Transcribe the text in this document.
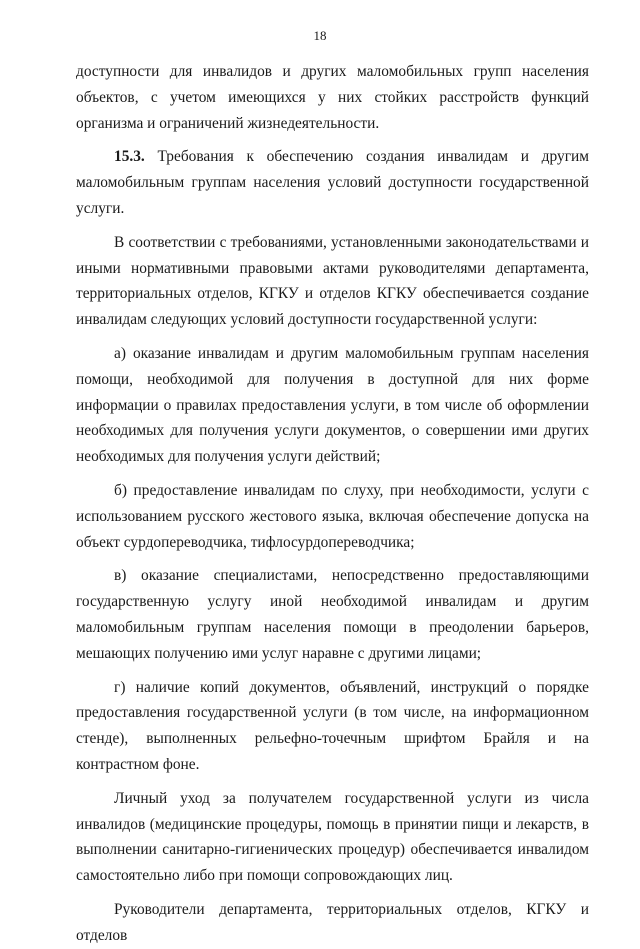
18

доступности для инвалидов и других маломобильных групп населения объектов, с учетом имеющихся у них стойких расстройств функций организма и ограничений жизнедеятельности.

15.3. Требования к обеспечению создания инвалидам и другим маломобильным группам населения условий доступности государственной услуги.

В соответствии с требованиями, установленными законодательствами и иными нормативными правовыми актами руководителями департамента, территориальных отделов, КГКУ и отделов КГКУ обеспечивается создание инвалидам следующих условий доступности государственной услуги:

а) оказание инвалидам и другим маломобильным группам населения помощи, необходимой для получения в доступной для них форме информации о правилах предоставления услуги, в том числе об оформлении необходимых для получения услуги документов, о совершении ими других необходимых для получения услуги действий;

б) предоставление инвалидам по слуху, при необходимости, услуги с использованием русского жестового языка, включая обеспечение допуска на объект сурдопереводчика, тифлосурдопереводчика;

в) оказание специалистами, непосредственно предоставляющими государственную услугу иной необходимой инвалидам и другим маломобильным группам населения помощи в преодолении барьеров, мешающих получению ими услуг наравне с другими лицами;

г) наличие копий документов, объявлений, инструкций о порядке предоставления государственной услуги (в том числе, на информационном стенде), выполненных рельефно-точечным шрифтом Брайля и на контрастном фоне.

Личный уход за получателем государственной услуги из числа инвалидов (медицинские процедуры, помощь в принятии пищи и лекарств, в выполнении санитарно-гигиенических процедур) обеспечивается инвалидом самостоятельно либо при помощи сопровождающих лиц.

Руководители департамента, территориальных отделов, КГКУ и отделов
